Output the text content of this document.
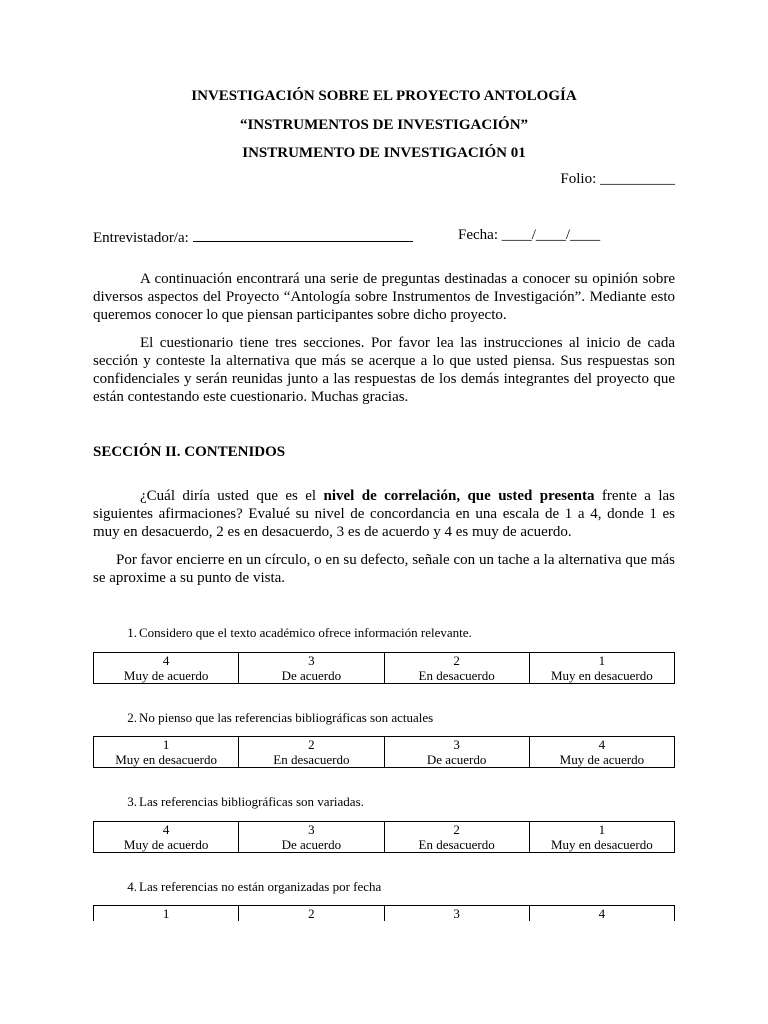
INVESTIGACIÓN SOBRE EL PROYECTO ANTOLOGÍA
“INSTRUMENTOS DE INVESTIGACIÓN”
INSTRUMENTO DE INVESTIGACIÓN 01
Folio: __________
Entrevistador/a:	Fecha: ____/____/____

A continuación encontrará una serie de preguntas destinadas a conocer su opinión sobre diversos aspectos del Proyecto “Antología sobre Instrumentos de Investigación”. Mediante esto queremos conocer lo que piensan participantes sobre dicho proyecto.

El cuestionario tiene tres secciones. Por favor lea las instrucciones al inicio de cada sección y conteste la alternativa que más se acerque a lo que usted piensa. Sus respuestas son confidenciales y serán reunidas junto a las respuestas de los demás integrantes del proyecto que están contestando este cuestionario. Muchas gracias.

SECCIÓN II. CONTENIDOS

¿Cuál diría usted que es el nivel de correlación, que usted presenta frente a las siguientes afirmaciones? Evalué su nivel de concordancia en una escala de 1 a 4, donde 1 es muy en desacuerdo, 2 es en desacuerdo, 3 es de acuerdo y 4 es muy de acuerdo.

Por favor encierre en un círculo, o en su defecto, señale con un tache a la alternativa que más se aproxime a su punto de vista.

1. Considero que el texto académico ofrece información relevante.
4
Muy de acuerdo

3
De acuerdo

2
En desacuerdo

1
Muy en desacuerdo
2. No pienso que las referencias bibliográficas son actuales
1
Muy en desacuerdo

2
En desacuerdo

3
De acuerdo

4
Muy de acuerdo
3. Las referencias bibliográficas son variadas.
4
Muy de acuerdo

3
De acuerdo

2
En desacuerdo

1
Muy en desacuerdo
4. Las referencias no están organizadas por fecha
1	2	3	4
